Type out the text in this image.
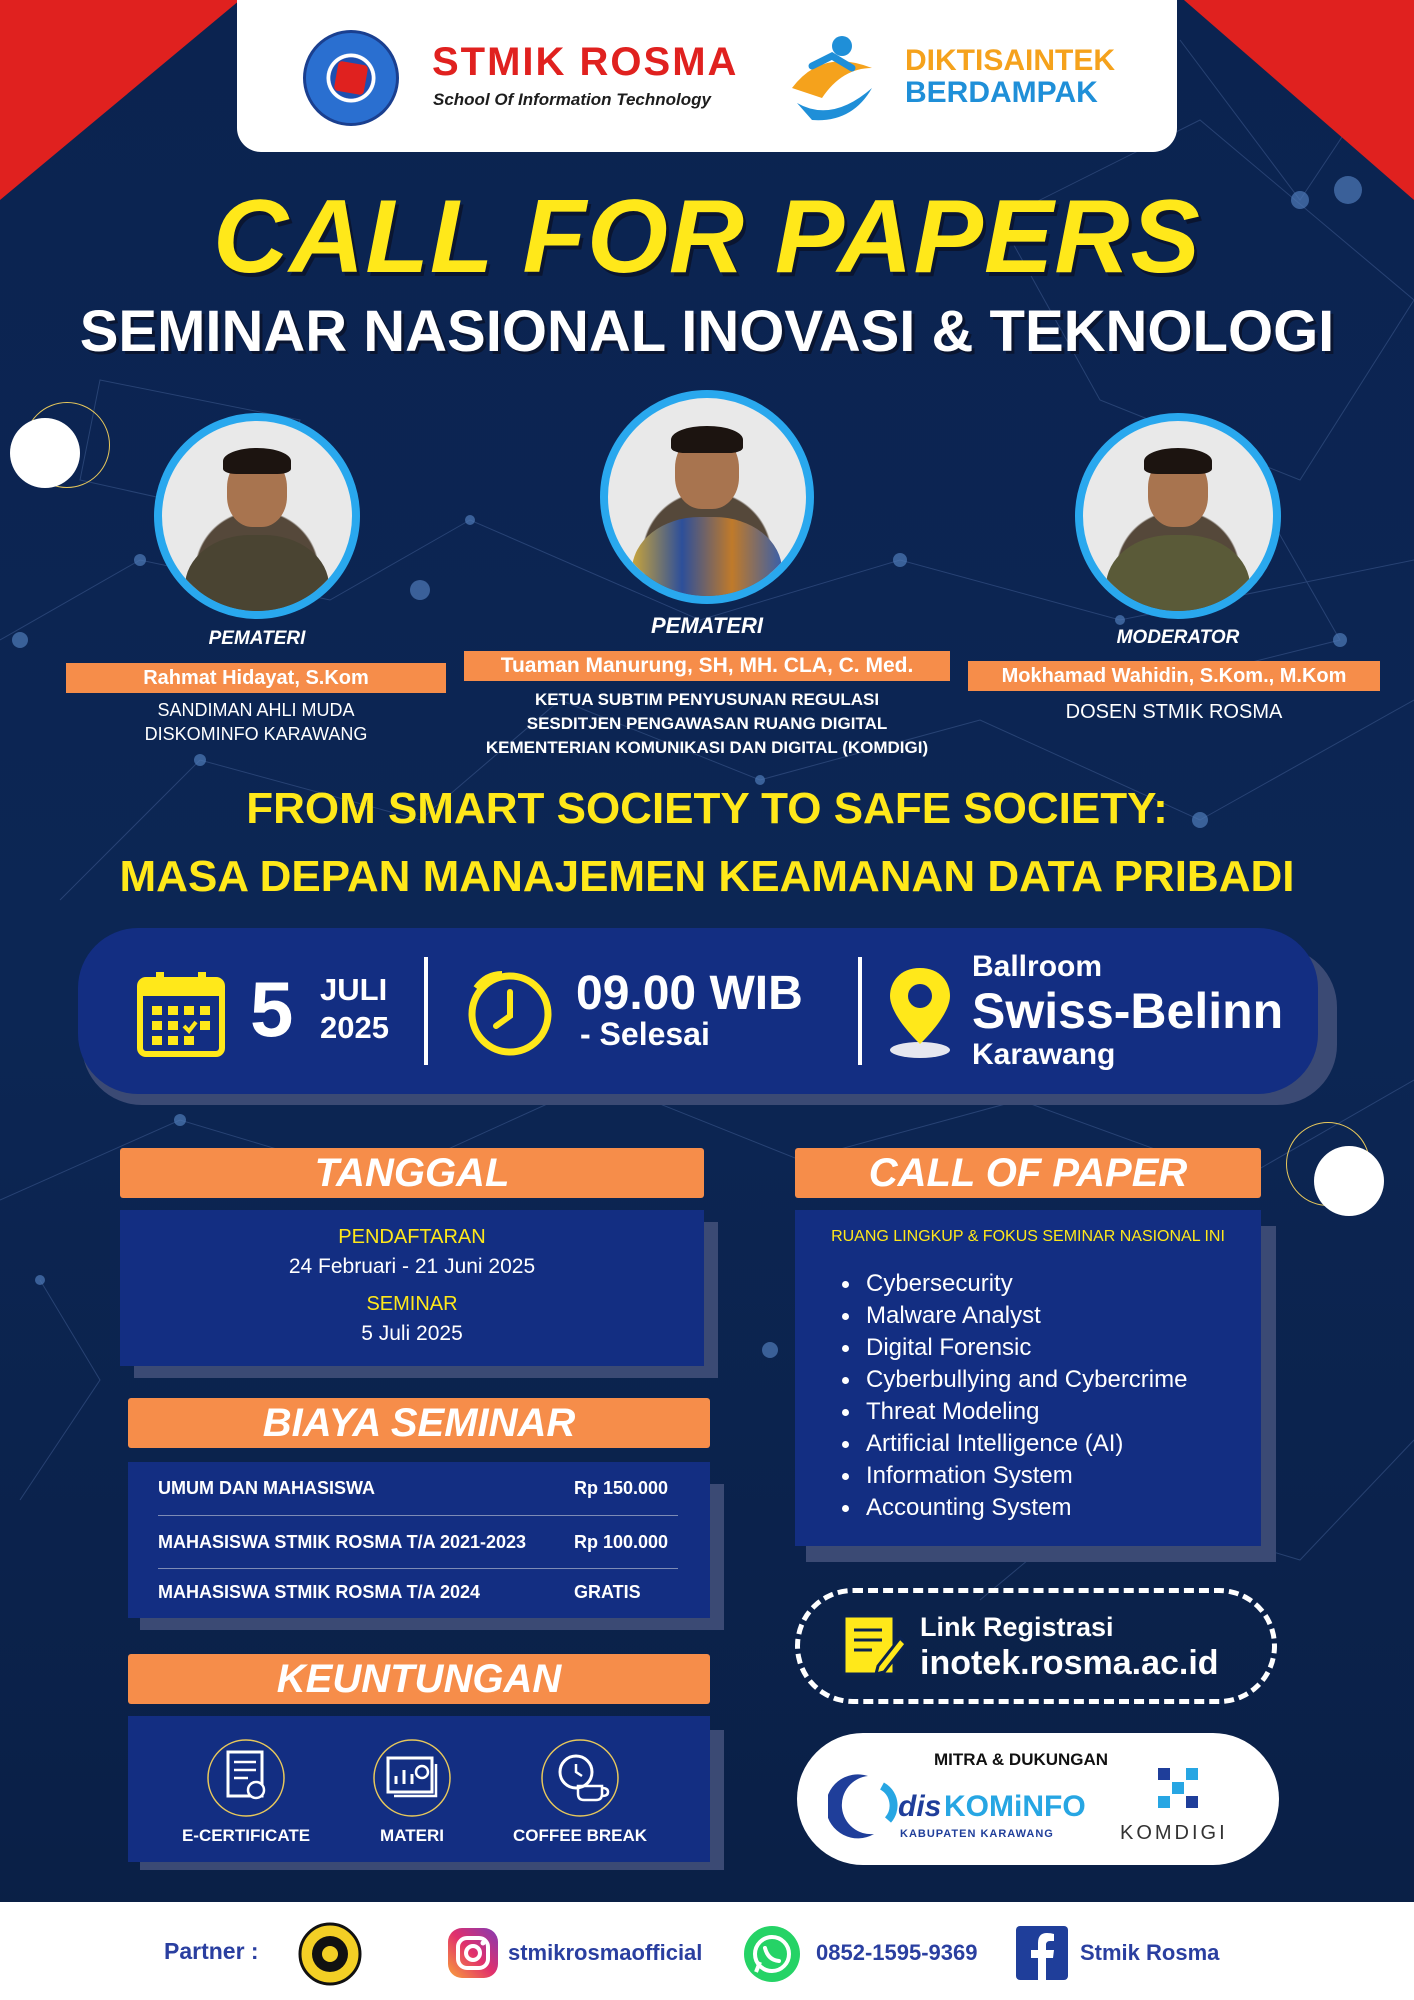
STMIK ROSMA
School Of Information Technology
DIKTISAINTEK
BERDAMPAK
CALL FOR PAPERS
SEMINAR NASIONAL INOVASI & TEKNOLOGI
PEMATERI
Rahmat Hidayat, S.Kom
SANDIMAN AHLI MUDA
DISKOMINFO KARAWANG
PEMATERI
Tuaman Manurung, SH, MH. CLA, C. Med.
KETUA SUBTIM PENYUSUNAN REGULASI
SESDITJEN PENGAWASAN RUANG DIGITAL
KEMENTERIAN KOMUNIKASI DAN DIGITAL (KOMDIGI)
MODERATOR
Mokhamad Wahidin, S.Kom., M.Kom
DOSEN STMIK ROSMA
FROM SMART SOCIETY TO SAFE SOCIETY:
MASA DEPAN MANAJEMEN KEAMANAN DATA PRIBADI
5 JULI
2025
09.00 WIB
- Selesai
Ballroom
Swiss-Belinn
Karawang
TANGGAL
PENDAFTARAN
24 Februari - 21 Juni 2025
SEMINAR
5 Juli 2025
BIAYA SEMINAR
UMUM DAN MAHASISWA	Rp 150.000
MAHASISWA STMIK ROSMA T/A 2021-2023	Rp 100.000
MAHASISWA STMIK ROSMA T/A 2024	GRATIS
KEUNTUNGAN
E-CERTIFICATE	MATERI	COFFEE BREAK
CALL OF PAPER
RUANG LINGKUP & FOKUS SEMINAR NASIONAL INI
Cybersecurity
Malware Analyst
Digital Forensic
Cyberbullying and Cybercrime
Threat Modeling
Artificial Intelligence (AI)
Information System
Accounting System
Link Registrasi
inotek.rosma.ac.id
MITRA & DUKUNGAN
dis KOMiNFO
KABUPATEN KARAWANG	KOMDIGI
Partner :	stmikrosmaofficial	0852-1595-9369	Stmik Rosma
